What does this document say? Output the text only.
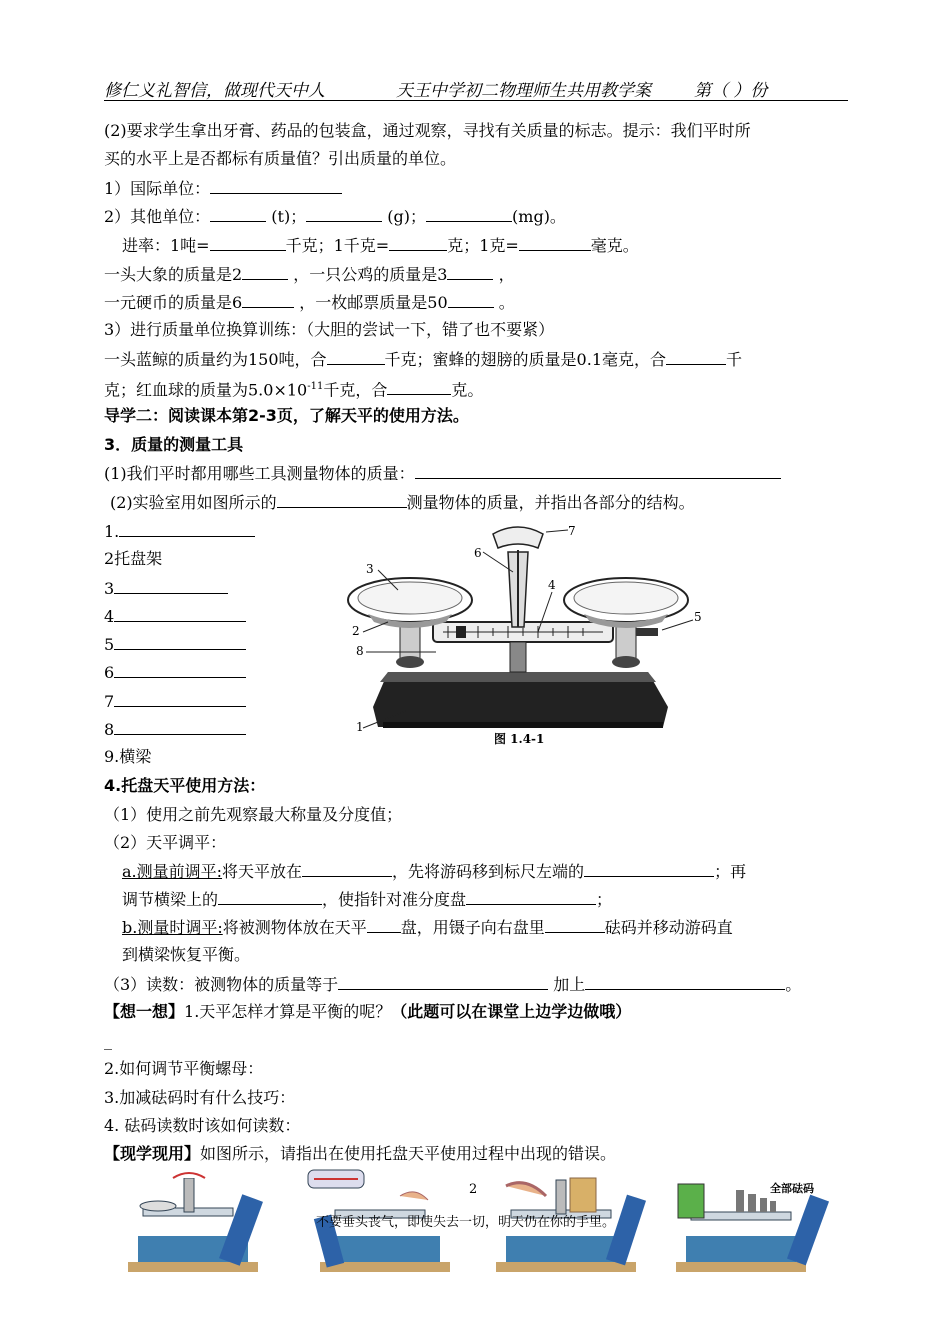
修仁义礼智信，做现代天中人	天王中学初二物理师生共用教学案	第（ ）份
(2)要求学生拿出牙膏、药品的包装盒，通过观察，寻找有关质量的标志。提示：我们平时所
买的水平上是否都标有质量值？引出质量的单位。
1）国际单位：
2）其他单位：	(t)；	(g)；	(mg)。
进率：1吨=	千克；1千克=	克；1克=	毫克。
一头大象的质量是2	，一只公鸡的质量是3	，
一元硬币的质量是6	，一枚邮票质量是50	。
3）进行质量单位换算训练：（大胆的尝试一下，错了也不要紧）
一头蓝鲸的质量约为150吨，合	千克；蜜蜂的翅膀的质量是0.1毫克，合	千
克；红血球的质量为$5.0\times 10^{-11}$千克，合	克。
导学二：阅读课本第2-3页，了解天平的使用方法。
3．质量的测量工具
(1)我们平时都用哪些工具测量物体的质量：
(2)实验室用如图所示的	测量物体的质量，并指出各部分的结构。
1.
2托盘架
3
4
5
6
7
8
9.横梁
7
6
3
4
5
2
8
1
图 1.4-1
4.托盘天平使用方法：
（1）使用之前先观察最大称量及分度值；
（2）天平调平：
a.测量前调平:将天平放在	，先将游码移到标尺左端的	；再
调节横梁上的	，使指针对准分度盘	；
b.测量时调平:将被测物体放在天平 盘，用镊子向右盘里	砝码并移动游码直
到横梁恢复平衡。
（3）读数：被测物体的质量等于	加上	。
【想一想】1.天平怎样才算是平衡的呢？（此题可以在课堂上边学边做哦）
_
2.如何调节平衡螺母：
3.加减砝码时有什么技巧：
4. 砝码读数时该如何读数：
【现学现用】如图所示，请指出在使用托盘天平使用过程中出现的错误。
全部砝码
2
不要垂头丧气，即使失去一切，明天仍在你的手里。
